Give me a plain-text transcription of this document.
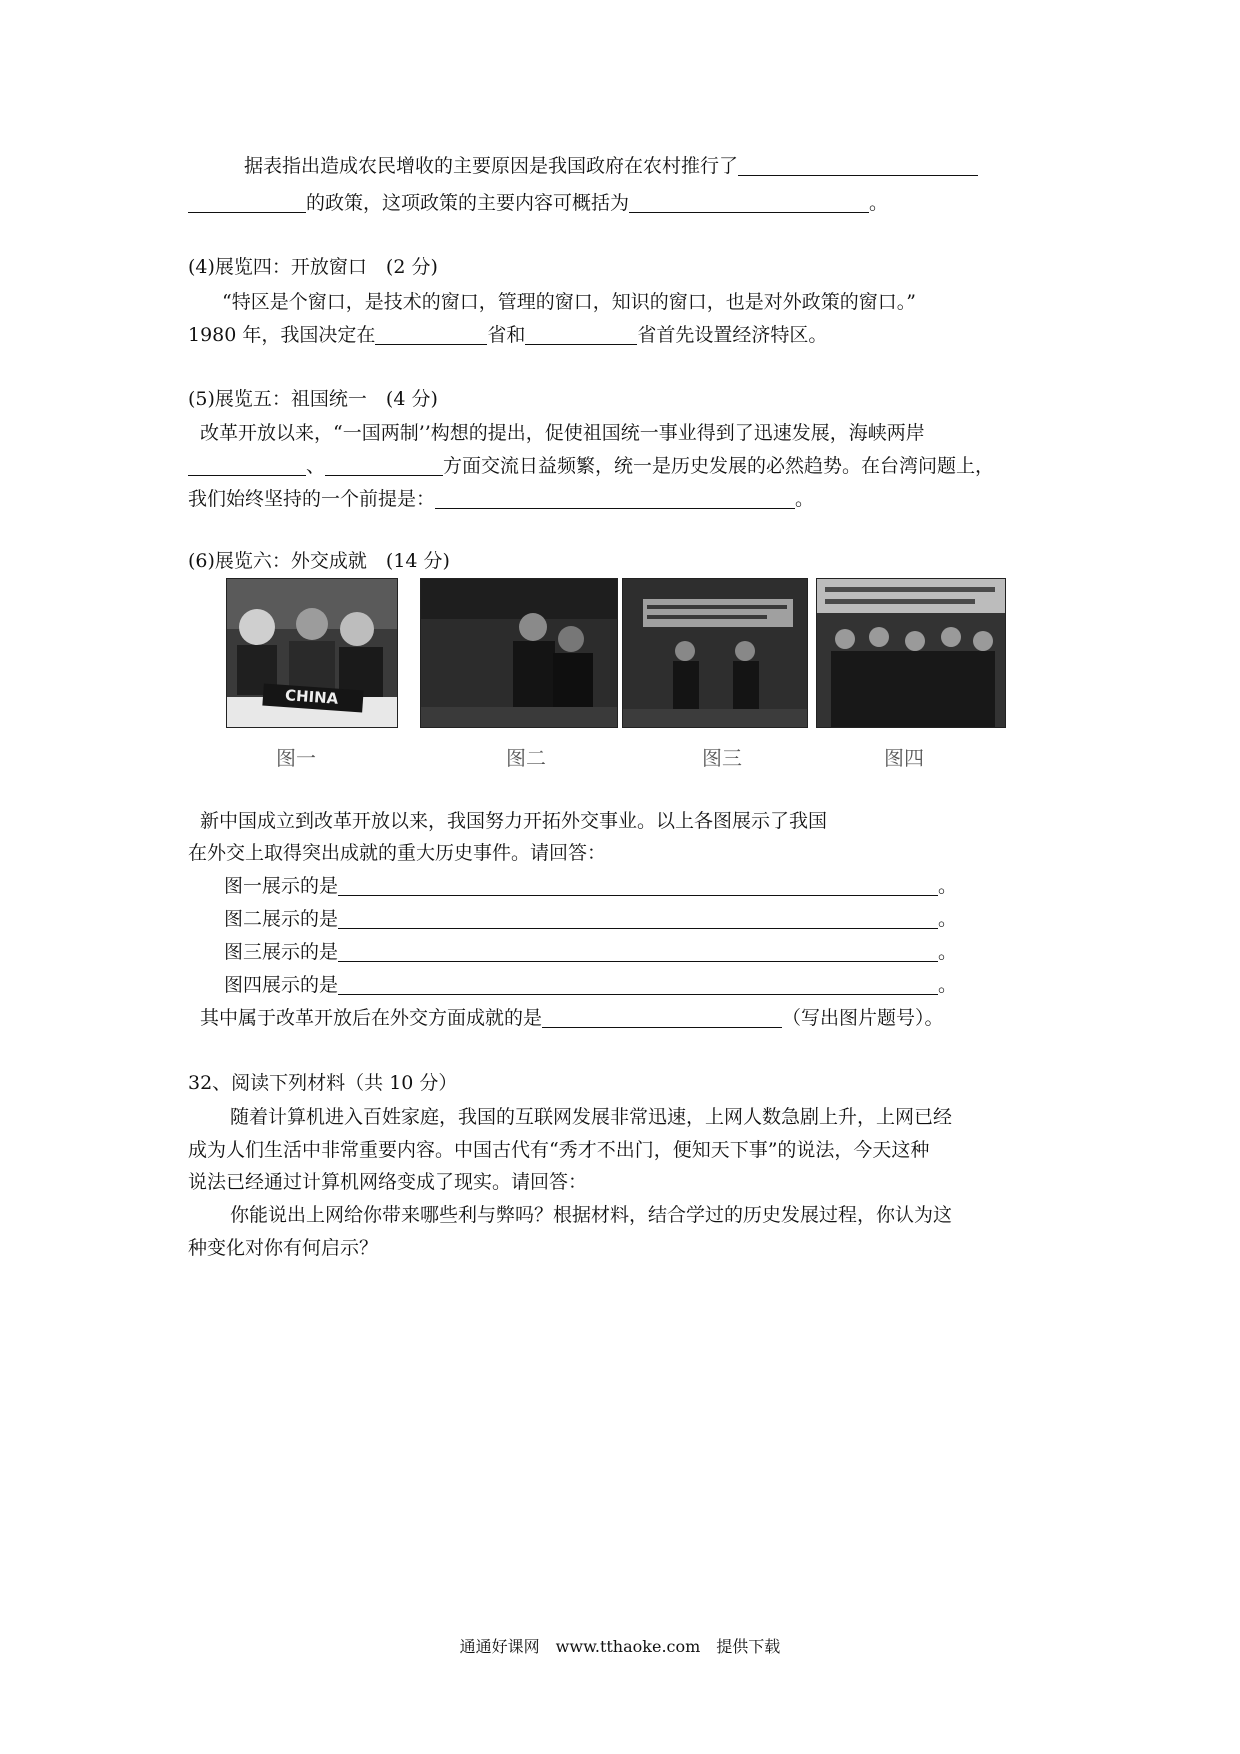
据表指出造成农民增收的主要原因是我国政府在农村推行了
的政策，这项政策的主要内容可概括为	。
(4)展览四：开放窗口　(2 分)
“特区是个窗口，是技术的窗口，管理的窗口，知识的窗口，也是对外政策的窗口。”
1980 年，我国决定在	省和	省首先设置经济特区。
(5)展览五：祖国统一　(4 分)
改革开放以来，“一国两制’’构想的提出，促使祖国统一事业得到了迅速发展，海峡两岸
、	方面交流日益频繁，统一是历史发展的必然趋势。在台湾问题上，
我们始终坚持的一个前提是：	。
(6)展览六：外交成就　(14 分)
CHINA
图一	图二	图三	图四
新中国成立到改革开放以来，我国努力开拓外交事业。以上各图展示了我国
在外交上取得突出成就的重大历史事件。请回答：
图一展示的是	。
图二展示的是	。
图三展示的是	。
图四展示的是	。
其中属于改革开放后在外交方面成就的是	（写出图片题号）。
32、阅读下列材料（共 10 分）
随着计算机进入百姓家庭，我国的互联网发展非常迅速，上网人数急剧上升，上网已经
成为人们生活中非常重要内容。中国古代有“秀才不出门，便知天下事”的说法，今天这种
说法已经通过计算机网络变成了现实。请回答：
你能说出上网给你带来哪些利与弊吗？根据材料，结合学过的历史发展过程，你认为这
种变化对你有何启示？
通通好课网　www.tthaoke.com　提供下载
